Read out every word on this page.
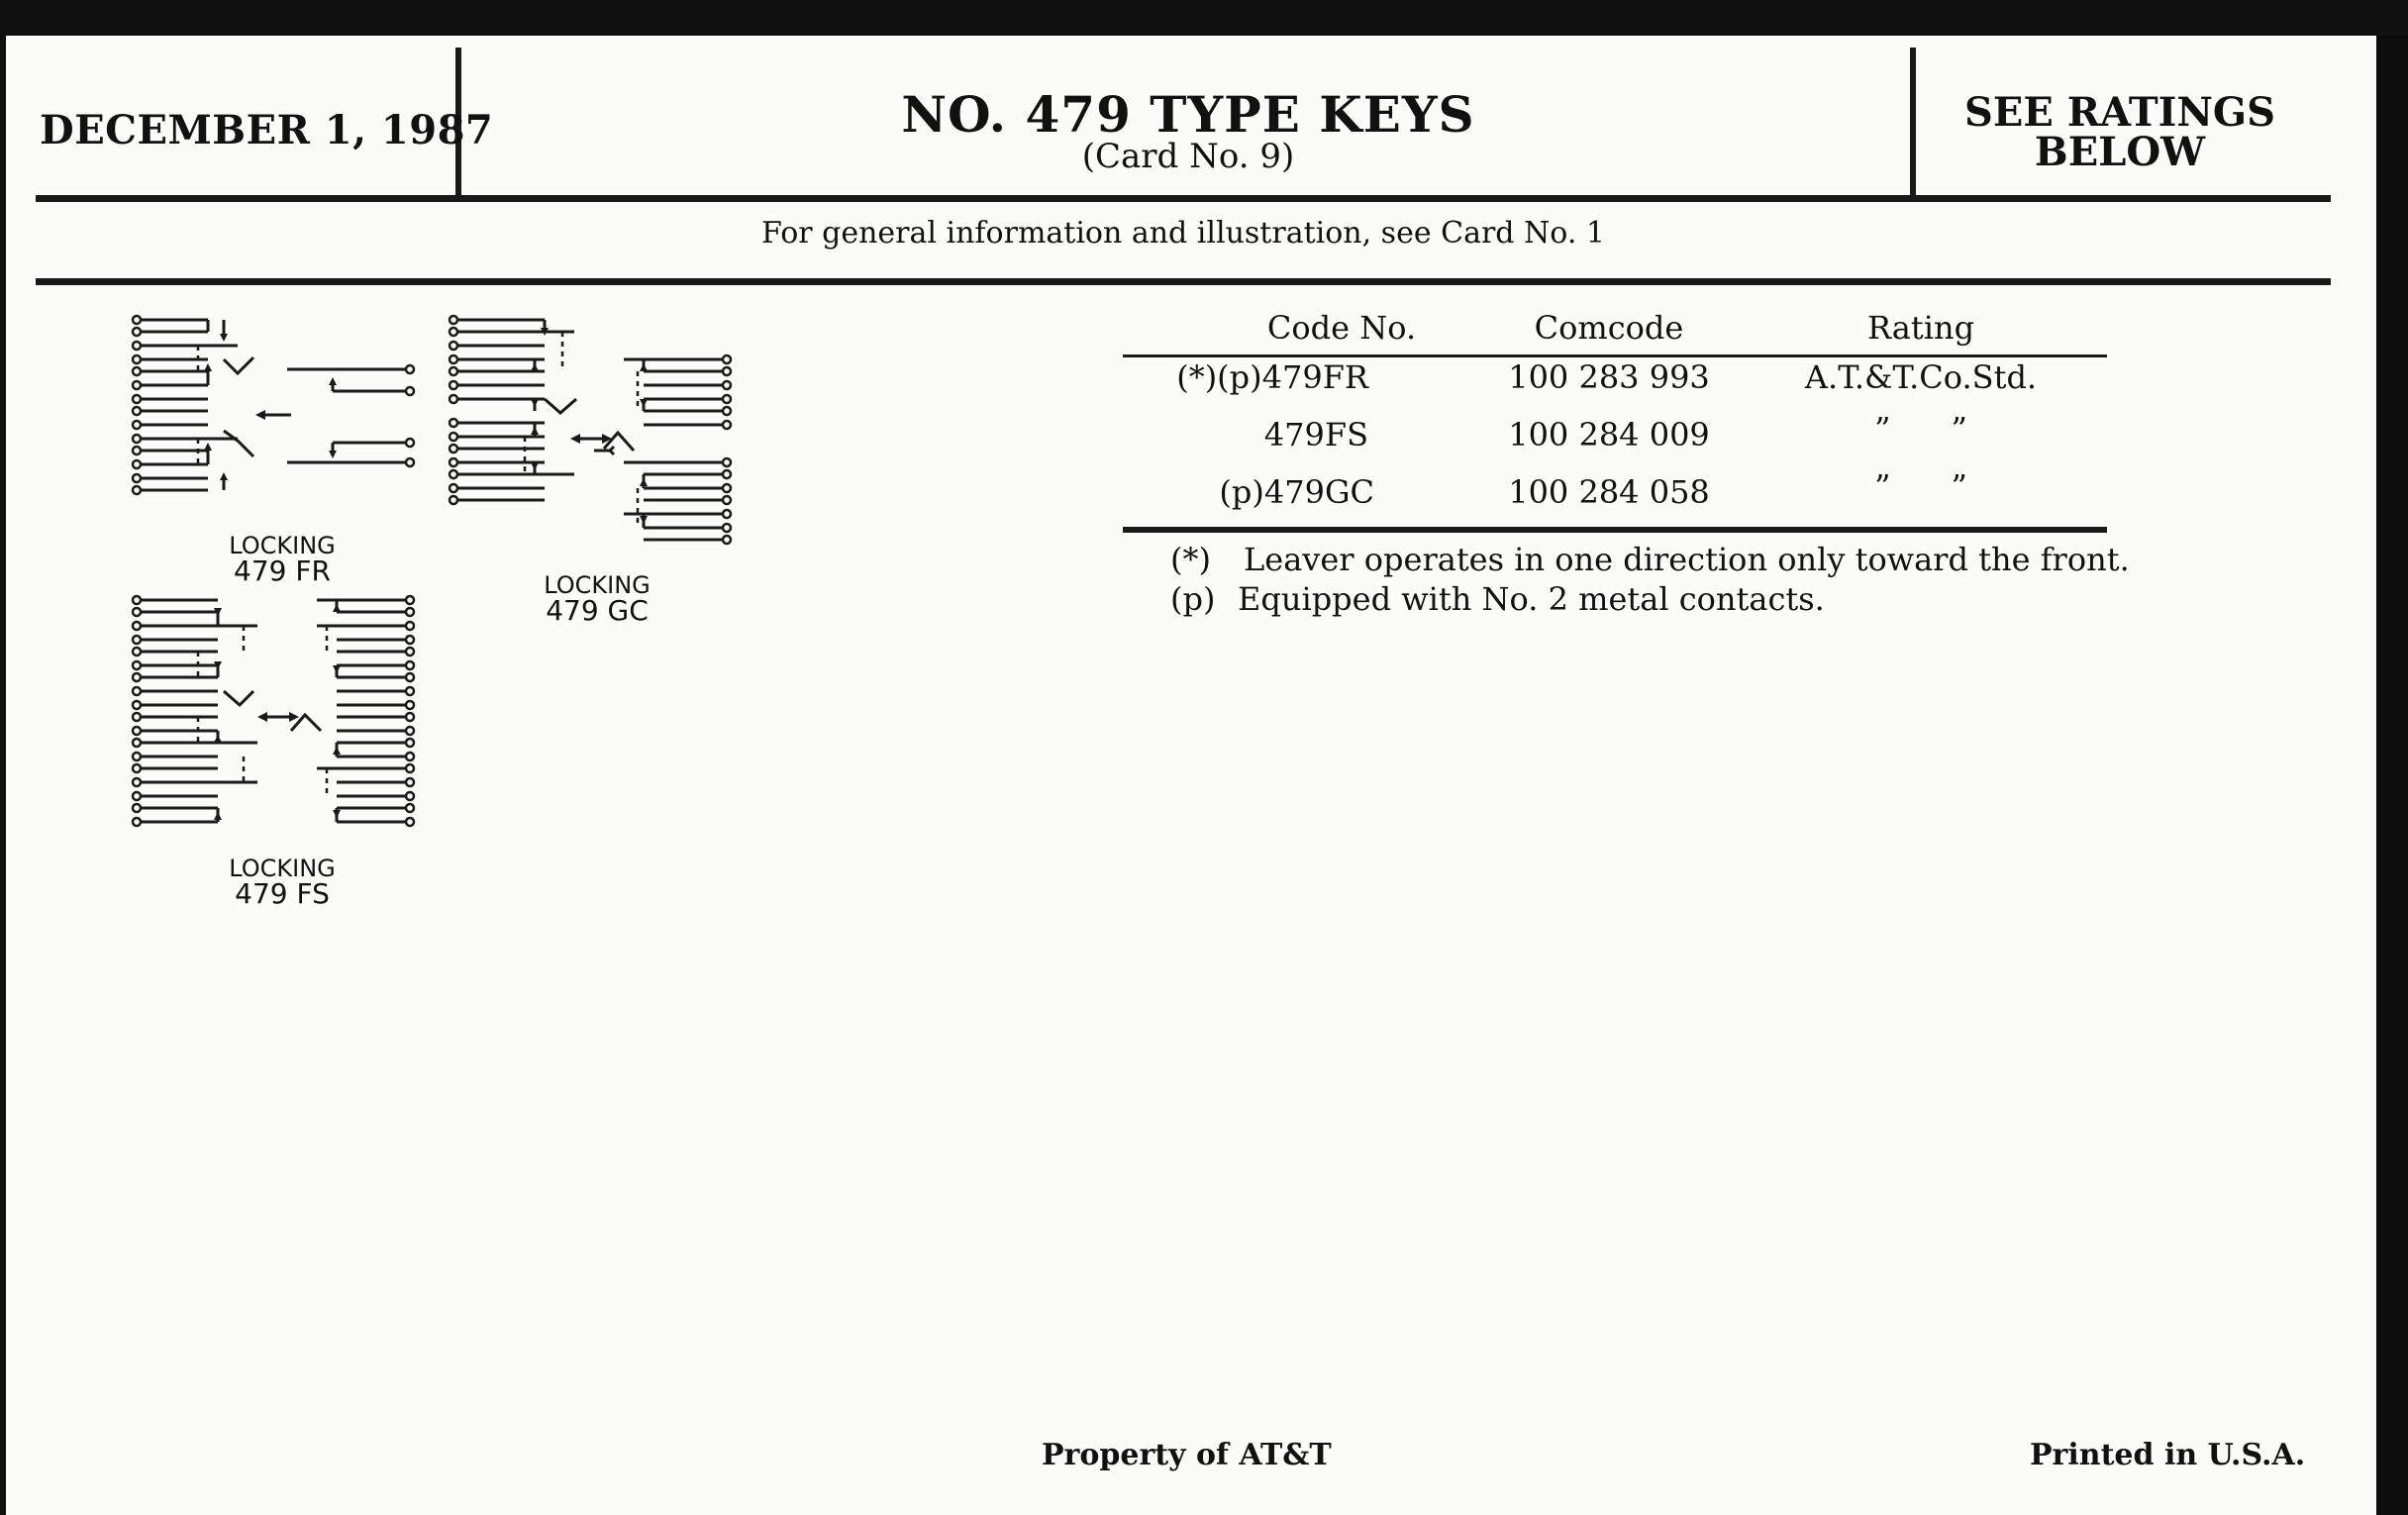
DECEMBER 1, 1987	NO. 479 TYPE KEYS
(Card No. 9)
SEE RATINGS
BELOW
For general information and illustration, see Card No. 1
LOCKING
479 FR	LOCKING
479 GC
LOCKING
479 FS
Code No.	Comcode	Rating
(*)(p)479FR	100 283 993	A.T.&T.Co.Std.
479FS	100 284 009	”      ”
(p)479GC	100 284 058	”      ”
(*) Leaver operates in one direction only toward the front.
(p) Equipped with No. 2 metal contacts.
Property of AT&T	Printed in U.S.A.
